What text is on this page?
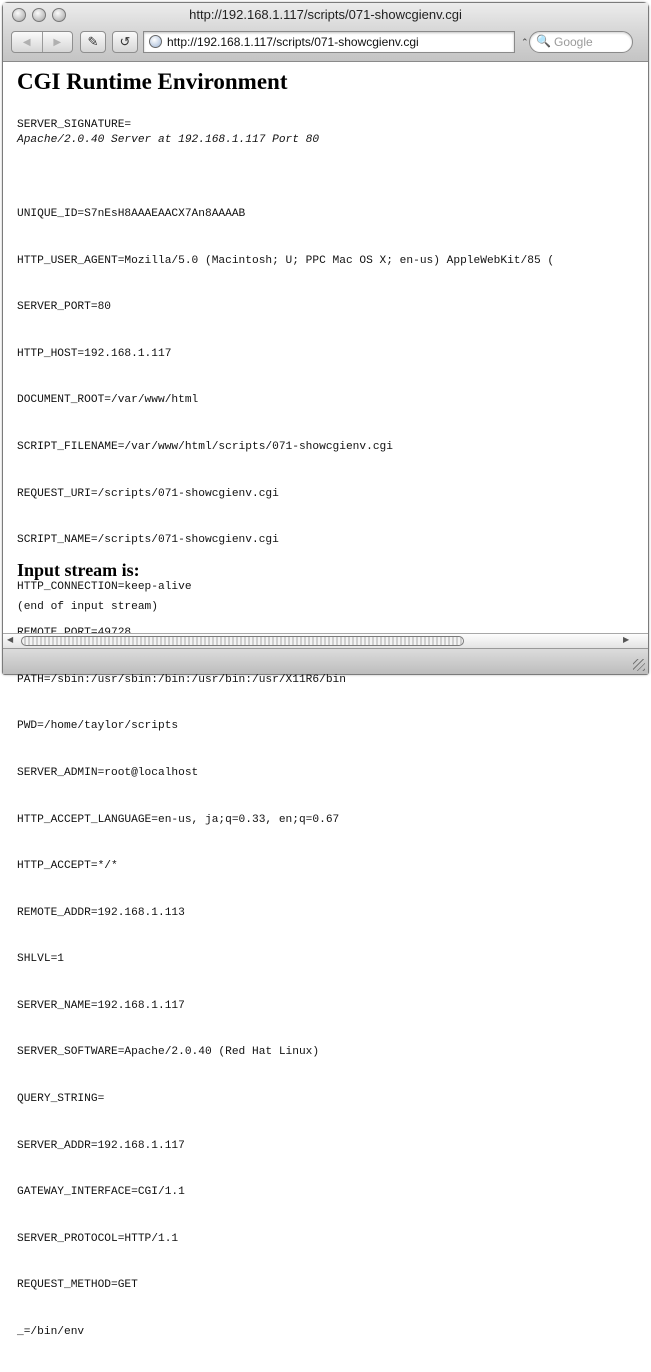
http://192.168.1.117/scripts/071-showcgienv.cgi
◀	▶	✎ ↺	http://192.168.1.117/scripts/071-showcgienv.cgi	⌃ 🔍 Google
CGI Runtime Environment
SERVER_SIGNATURE=
Apache/2.0.40 Server at 192.168.1.117 Port 80

UNIQUE_ID=S7nEsH8AAAEAACX7An8AAAAB

HTTP_USER_AGENT=Mozilla/5.0 (Macintosh; U; PPC Mac OS X; en-us) AppleWebKit/85 (

SERVER_PORT=80

HTTP_HOST=192.168.1.117

DOCUMENT_ROOT=/var/www/html

SCRIPT_FILENAME=/var/www/html/scripts/071-showcgienv.cgi

REQUEST_URI=/scripts/071-showcgienv.cgi

SCRIPT_NAME=/scripts/071-showcgienv.cgi

HTTP_CONNECTION=keep-alive

PATH=/sbin:/usr/sbin:/bin:/usr/bin:/usr/X11R6/bin

PWD=/home/taylor/scripts

SERVER_ADMIN=root@localhost

HTTP_ACCEPT_LANGUAGE=en-us, ja;q=0.33, en;q=0.67

HTTP_ACCEPT=*/*

REMOTE_ADDR=192.168.1.113

SHLVL=1

SERVER_NAME=192.168.1.117

SERVER_SOFTWARE=Apache/2.0.40 (Red Hat Linux)

QUERY_STRING=

SERVER_ADDR=192.168.1.117

GATEWAY_INTERFACE=CGI/1.1

SERVER_PROTOCOL=HTTP/1.1

REQUEST_METHOD=GET

_=/bin/env

Input stream is:
(end of input stream)
◀	▶
